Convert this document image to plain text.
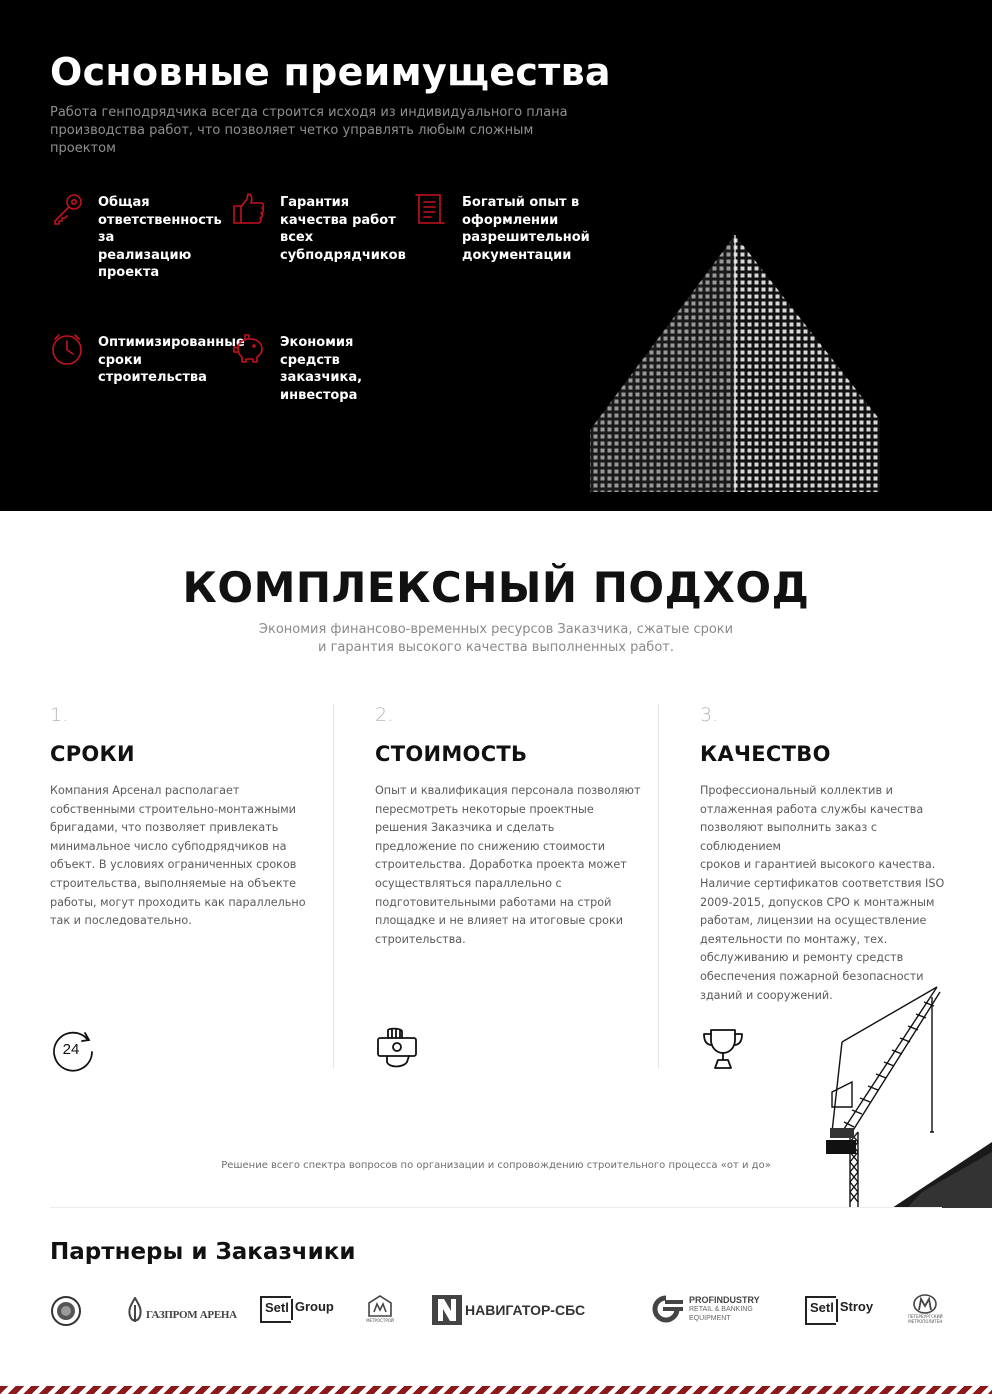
Основные преимущества

Работа генподрядчика всегда строится исходя из индивидуального плана производства работ, что позволяет четко управлять любым сложным проектом

Общая
ответственность
за
реализацию
проекта
Гарантия
качества работ
всех
субподрядчиков
Богатый опыт в
оформлении
разрешительной
документации
Оптимизированные
сроки
строительства
Экономия
средств
заказчика,
инвестора
КОМПЛЕКСНЫЙ ПОДХОД
Экономия финансово-временных ресурсов Заказчика, сжатые сроки
и гарантия высокого качества выполненных работ.
1.
СРОКИ
Компания Арсенал располагает
собственными строительно-монтажными
бригадами, что позволяет привлекать
минимальное число субподрядчиков на
объект. В условиях ограниченных сроков
строительства, выполняемые на объекте
работы, могут проходить как параллельно
так и последовательно.
2.
СТОИМОСТЬ
Опыт и квалификация персонала позволяют
пересмотреть некоторые проектные
решения Заказчика и сделать
предложение по снижению стоимости
строительства. Доработка проекта может
осуществляться параллельно с
подготовительными работами на строй
площадке и не влияет на итоговые сроки
строительства.
3.
КАЧЕСТВО
Профессиональный коллектив и
отлаженная работа службы качества
позволяют выполнить заказ с соблюдением
сроков и гарантией высокого качества.
Наличие сертификатов соответствия ISO
2009-2015, допусков СРО к монтажным
работам, лицензии на осуществление
деятельности по монтажу, тех.
обслуживанию и ремонту средств
обеспечения пожарной безопасности
зданий и сооружений.
24
Решение всего спектра вопросов по организации и сопровождению строительного процесса «от и до»
Партнеры и Заказчики
ГАЗПРОМ АРЕНА	Setl Group
МЕТРОСТРОЙ
НАВИГАТОР-СБС
PROFINDUSTRY
RETAIL & BANKING
EQUIPMENT
Setl Stroy
ПЕТЕРБУРГСКИЙ
МЕТРОПОЛИТЕН
